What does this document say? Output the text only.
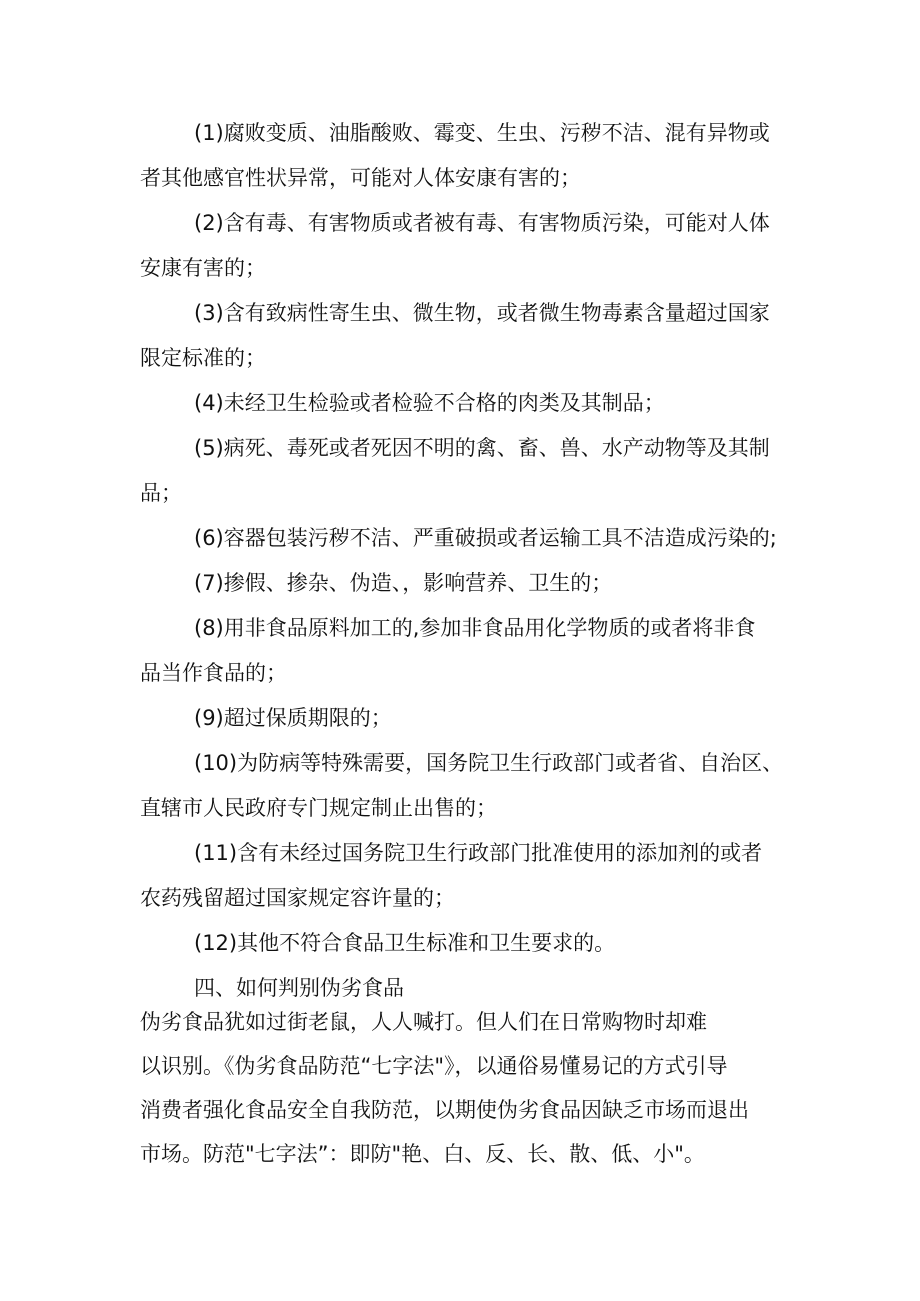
(1)腐败变质、油脂酸败、霉变、生虫、污秽不洁、混有异物或
者其他感官性状异常，可能对人体安康有害的；
(2)含有毒、有害物质或者被有毒、有害物质污染，可能对人体
安康有害的；
(3)含有致病性寄生虫、微生物，或者微生物毒素含量超过国家
限定标准的；
(4)未经卫生检验或者检验不合格的肉类及其制品；
(5)病死、毒死或者死因不明的禽、畜、兽、水产动物等及其制
品；
(6)容器包装污秽不洁、严重破损或者运输工具不洁造成污染的;
(7)掺假、掺杂、伪造、，影响营养、卫生的；
(8)用非食品原料加工的,参加非食品用化学物质的或者将非食
品当作食品的；
(9)超过保质期限的；
(10)为防病等特殊需要，国务院卫生行政部门或者省、自治区、
直辖市人民政府专门规定制止出售的；
(11)含有未经过国务院卫生行政部门批准使用的添加剂的或者
农药残留超过国家规定容许量的；
(12)其他不符合食品卫生标准和卫生要求的。
四、如何判别伪劣食品
伪劣食品犹如过街老鼠，人人喊打。但人们在日常购物时却难
以识别。《伪劣食品防范“七字法"》，以通俗易懂易记的方式引导
消费者强化食品安全自我防范，以期使伪劣食品因缺乏市场而退出
市场。防范"七字法”：即防"艳、白、反、长、散、低、小"。
